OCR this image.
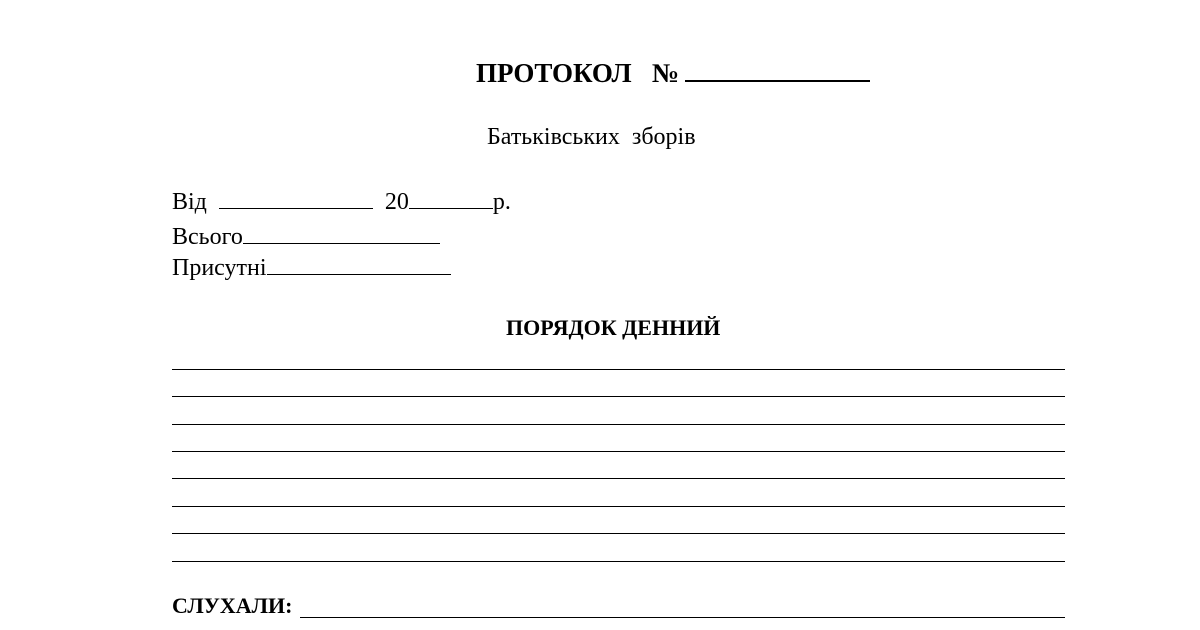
ПРОТОКОЛ   №
Батьківських  зборів
Від	20	р.
Всього
Присутні
ПОРЯДОК ДЕННИЙ
СЛУХАЛИ:
